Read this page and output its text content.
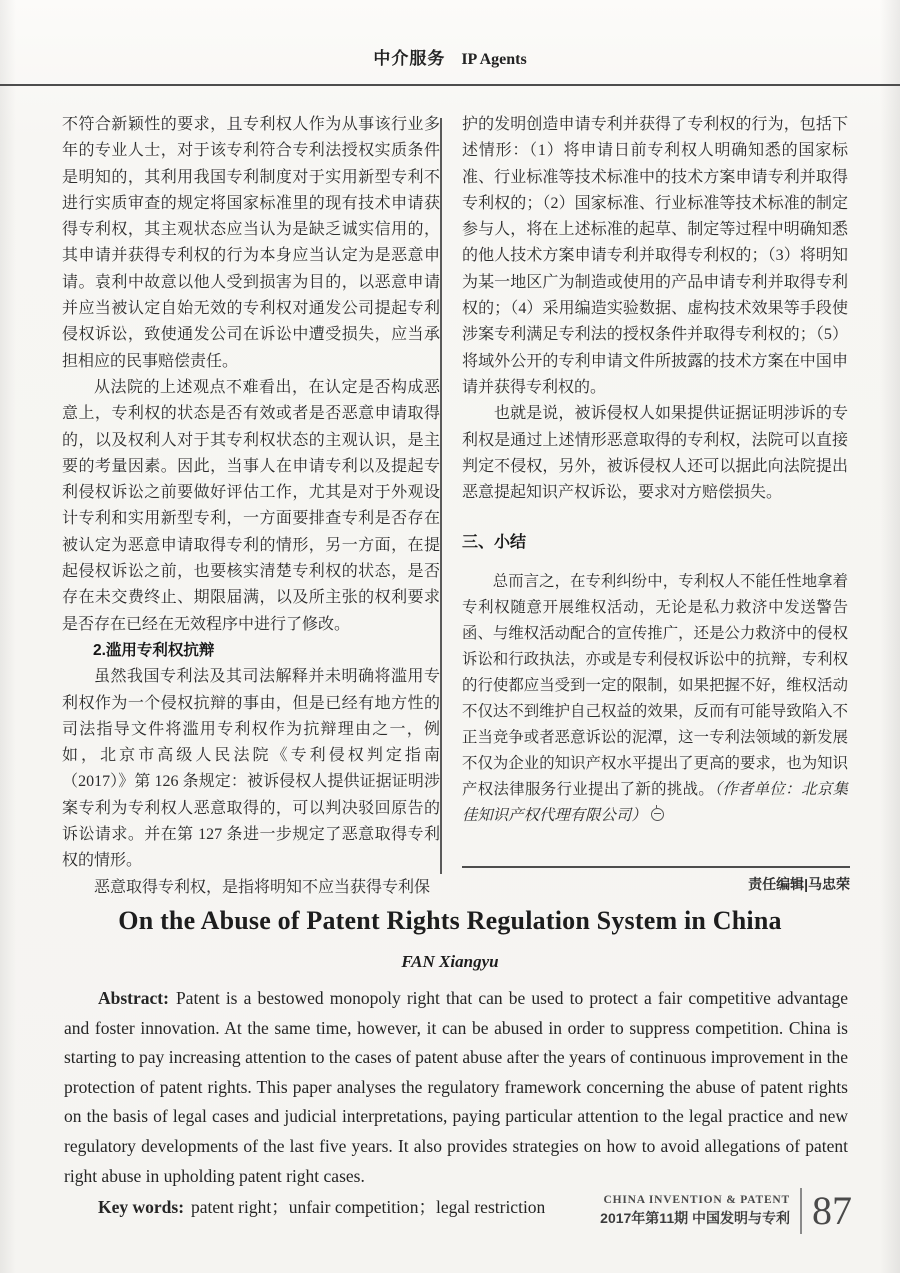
中介服务 IP Agents

不符合新颖性的要求，且专利权人作为从事该行业多年的专业人士，对于该专利符合专利法授权实质条件是明知的，其利用我国专利制度对于实用新型专利不进行实质审查的规定将国家标准里的现有技术申请获得专利权，其主观状态应当认为是缺乏诚实信用的，其申请并获得专利权的行为本身应当认定为是恶意申请。袁利中故意以他人受到损害为目的，以恶意申请并应当被认定自始无效的专利权对通发公司提起专利侵权诉讼，致使通发公司在诉讼中遭受损失，应当承担相应的民事赔偿责任。

从法院的上述观点不难看出，在认定是否构成恶意上，专利权的状态是否有效或者是否恶意申请取得的，以及权利人对于其专利权状态的主观认识，是主要的考量因素。因此，当事人在申请专利以及提起专利侵权诉讼之前要做好评估工作，尤其是对于外观设计专利和实用新型专利，一方面要排查专利是否存在被认定为恶意申请取得专利的情形，另一方面，在提起侵权诉讼之前，也要核实清楚专利权的状态，是否存在未交费终止、期限届满，以及所主张的权利要求是否存在已经在无效程序中进行了修改。

2.滥用专利权抗辩

虽然我国专利法及其司法解释并未明确将滥用专利权作为一个侵权抗辩的事由，但是已经有地方性的司法指导文件将滥用专利权作为抗辩理由之一，例如，北京市高级人民法院《专利侵权判定指南（2017）》第 126 条规定：被诉侵权人提供证据证明涉案专利为专利权人恶意取得的，可以判决驳回原告的诉讼请求。并在第 127 条进一步规定了恶意取得专利权的情形。

恶意取得专利权，是指将明知不应当获得专利保

护的发明创造申请专利并获得了专利权的行为，包括下述情形：（1）将申请日前专利权人明确知悉的国家标准、行业标准等技术标准中的技术方案申请专利并取得专利权的；（2）国家标准、行业标准等技术标准的制定参与人，将在上述标准的起草、制定等过程中明确知悉的他人技术方案申请专利并取得专利权的；（3）将明知为某一地区广为制造或使用的产品申请专利并取得专利权的；（4）采用编造实验数据、虚构技术效果等手段使涉案专利满足专利法的授权条件并取得专利权的；（5）将域外公开的专利申请文件所披露的技术方案在中国申请并获得专利权的。

也就是说，被诉侵权人如果提供证据证明涉诉的专利权是通过上述情形恶意取得的专利权，法院可以直接判定不侵权，另外，被诉侵权人还可以据此向法院提出恶意提起知识产权诉讼，要求对方赔偿损失。

三、小结

总而言之，在专利纠纷中，专利权人不能任性地拿着专利权随意开展维权活动，无论是私力救济中发送警告函、与维权活动配合的宣传推广，还是公力救济中的侵权诉讼和行政执法，亦或是专利侵权诉讼中的抗辩，专利权的行使都应当受到一定的限制，如果把握不好，维权活动不仅达不到维护自己权益的效果，反而有可能导致陷入不正当竞争或者恶意诉讼的泥潭，这一专利法领域的新发展不仅为企业的知识产权水平提出了更高的要求，也为知识产权法律服务行业提出了新的挑战。（作者单位：北京集佳知识产权代理有限公司）

责任编辑|马忠荣
On the Abuse of Patent Rights Regulation System in China
FAN Xiangyu

Abstract: Patent is a bestowed monopoly right that can be used to protect a fair competitive advantage and foster innovation. At the same time, however, it can be abused in order to suppress competition. China is starting to pay increasing attention to the cases of patent abuse after the years of continuous improvement in the protection of patent rights. This paper analyses the regulatory framework concerning the abuse of patent rights on the basis of legal cases and judicial interpretations, paying particular attention to the legal practice and new regulatory developments of the last five years. It also provides strategies on how to avoid allegations of patent right abuse in upholding patent right cases.

Key words: patent right；unfair competition；legal restriction	CHINA INVENTION & PATENT
2017年第11期 中国发明与专利 87
